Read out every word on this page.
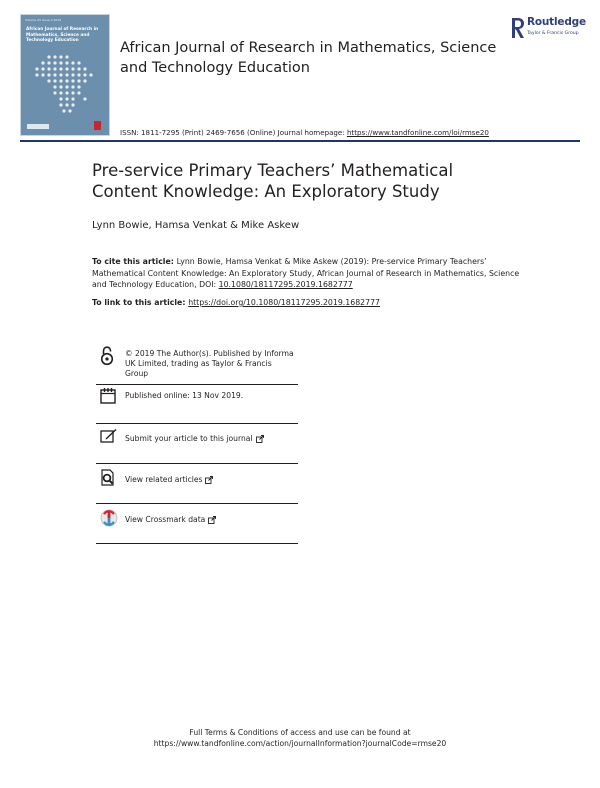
Volume 23 Issue 3 2019
African Journal of Research in Mathematics, Science and Technology Education	African Journal of Research in Mathematics, Science and Technology Education
Routledge
Taylor & Francis Group
ISSN: 1811-7295 (Print) 2469-7656 (Online) Journal homepage: https://www.tandfonline.com/loi/rmse20
Pre-service Primary Teachers’ Mathematical Content Knowledge: An Exploratory Study
Lynn Bowie, Hamsa Venkat & Mike Askew
To cite this article: Lynn Bowie, Hamsa Venkat & Mike Askew (2019): Pre-service Primary Teachers’ Mathematical Content Knowledge: An Exploratory Study, African Journal of Research in Mathematics, Science and Technology Education, DOI: 10.1080/18117295.2019.1682777
To link to this article: https://doi.org/10.1080/18117295.2019.1682777
© 2019 The Author(s). Published by Informa UK Limited, trading as Taylor & Francis Group
Published online: 13 Nov 2019.
Submit your article to this journal
View related articles
View Crossmark data
Full Terms & Conditions of access and use can be found at
https://www.tandfonline.com/action/journalInformation?journalCode=rmse20
